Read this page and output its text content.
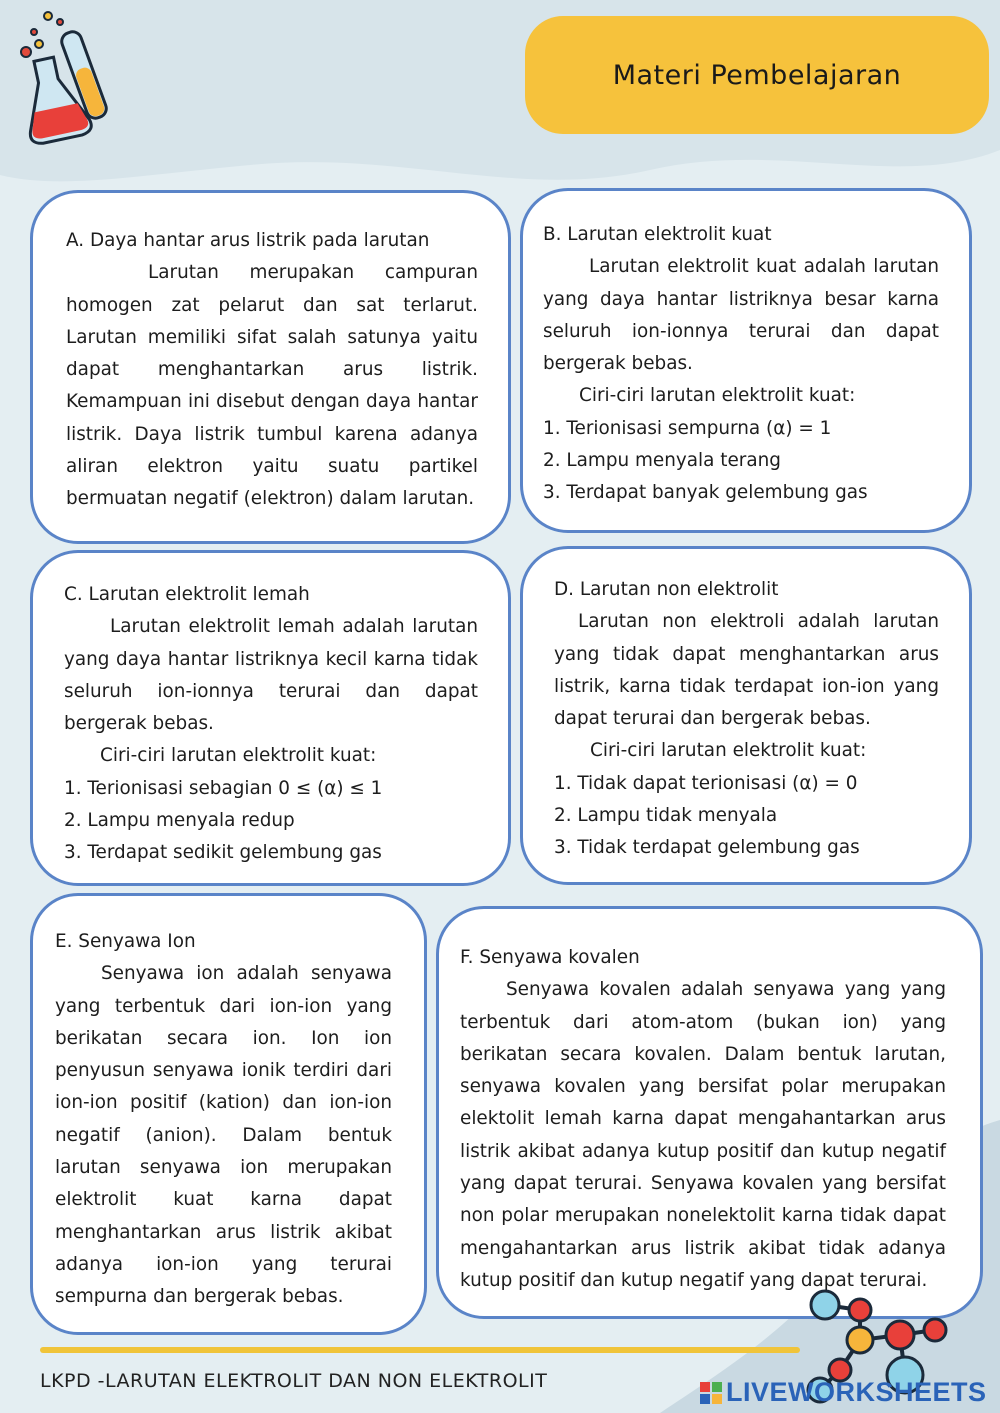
Materi Pembelajaran
A. Daya hantar arus listrik pada larutan

Larutan merupakan campuran homogen zat pelarut dan sat terlarut. Larutan memiliki sifat salah satunya yaitu dapat menghantarkan arus listrik. Kemampuan ini disebut dengan daya hantar listrik. Daya listrik tumbul karena adanya aliran elektron yaitu suatu partikel bermuatan negatif (elektron) dalam larutan.

B. Larutan elektrolit kuat

Larutan elektrolit kuat adalah larutan yang daya hantar listriknya besar karna seluruh ion-ionnya terurai dan dapat bergerak bebas.

Ciri-ciri larutan elektrolit kuat:
1. Terionisasi sempurna (α) = 1
2. Lampu menyala terang
3. Terdapat banyak gelembung gas
C. Larutan elektrolit lemah

Larutan elektrolit lemah adalah larutan yang daya hantar listriknya kecil karna tidak seluruh ion-ionnya terurai dan dapat bergerak bebas.

Ciri-ciri larutan elektrolit kuat:
1. Terionisasi sebagian 0 ≤ (α) ≤ 1
2. Lampu menyala redup
3. Terdapat sedikit gelembung gas
D. Larutan non elektrolit

Larutan non elektroli adalah larutan yang tidak dapat menghantarkan arus listrik, karna tidak terdapat ion-ion yang dapat terurai dan bergerak bebas.

Ciri-ciri larutan elektrolit kuat:
1. Tidak dapat terionisasi (α) = 0
2. Lampu tidak menyala
3. Tidak terdapat gelembung gas
E. Senyawa Ion

Senyawa ion adalah senyawa yang terbentuk dari ion-ion yang berikatan secara ion. Ion ion penyusun senyawa ionik terdiri dari ion-ion positif (kation) dan ion-ion negatif (anion). Dalam bentuk larutan senyawa ion merupakan elektrolit kuat karna dapat menghantarkan arus listrik akibat adanya ion-ion yang terurai sempurna dan bergerak bebas.

F. Senyawa kovalen

Senyawa kovalen adalah senyawa yang yang terbentuk dari atom-atom (bukan ion) yang berikatan secara kovalen. Dalam bentuk larutan, senyawa kovalen yang bersifat polar merupakan elektolit lemah karna dapat mengahantarkan arus listrik akibat adanya kutup positif dan kutup negatif yang dapat terurai. Senyawa kovalen yang bersifat non polar merupakan nonelektolit karna tidak dapat mengahantarkan arus listrik akibat tidak adanya kutup positif dan kutup negatif yang dapat terurai.

LKPD -LARUTAN ELEKTROLIT DAN NON ELEKTROLIT	LIVEWORKSHEETS
